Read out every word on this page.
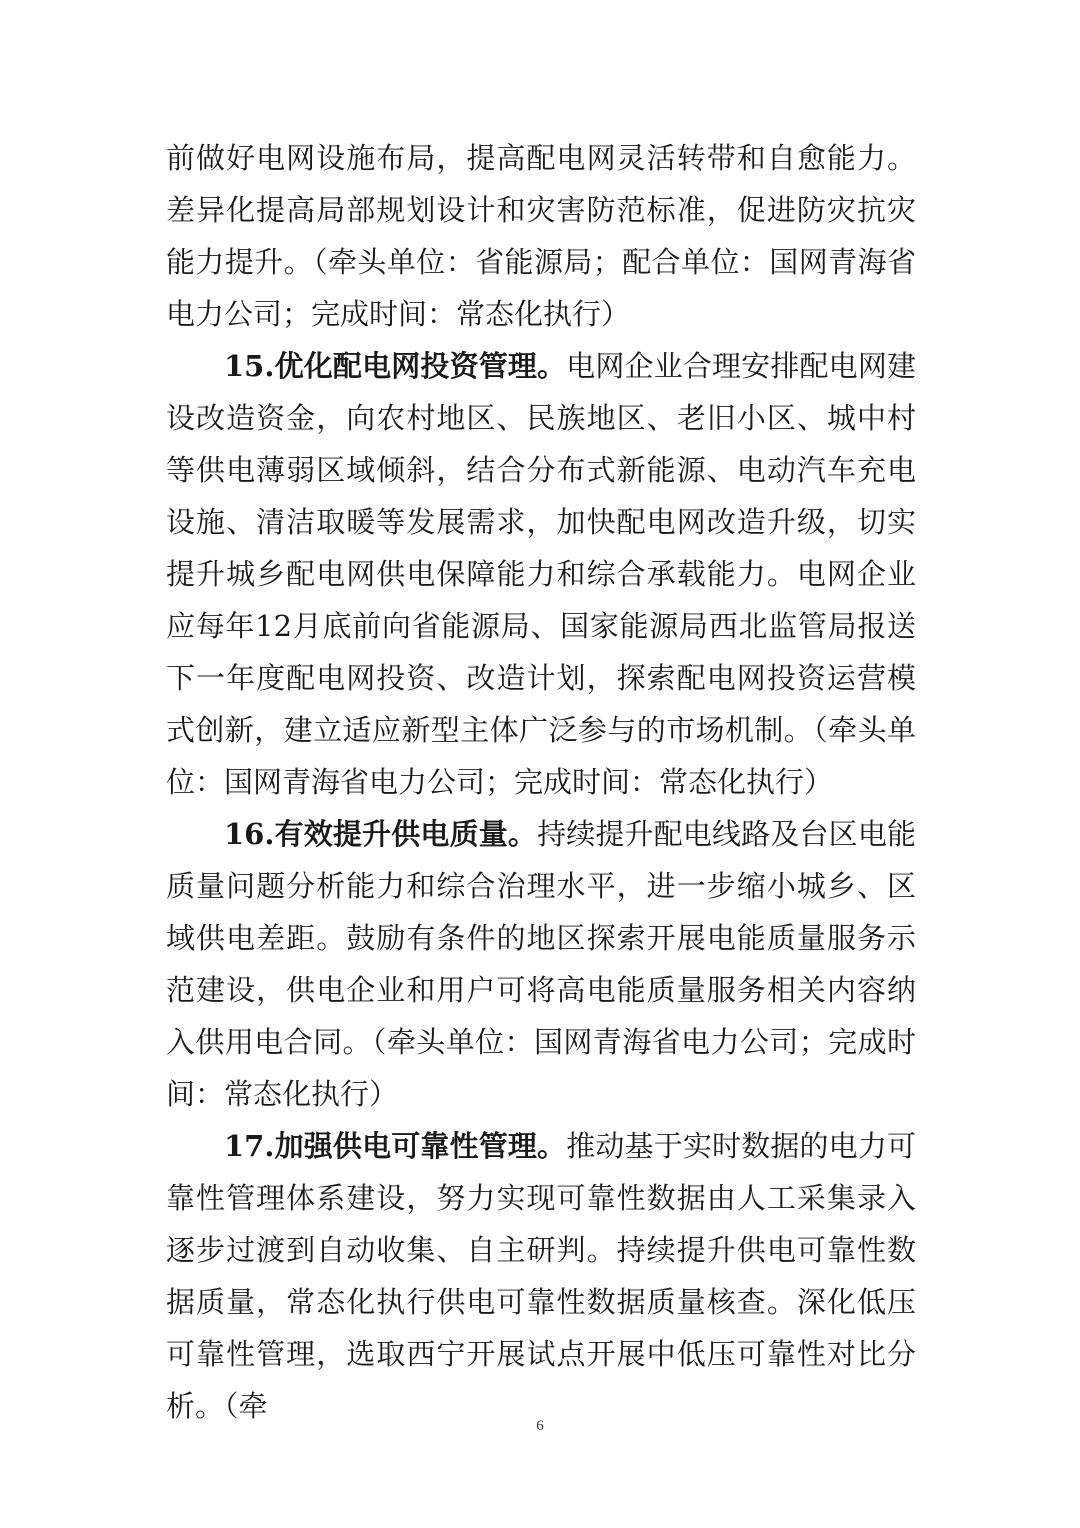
前做好电网设施布局，提高配电网灵活转带和自愈能力。差异化提高局部规划设计和灾害防范标准，促进防灾抗灾能力提升。（牵头单位：省能源局；配合单位：国网青海省电力公司；完成时间：常态化执行）

15.优化配电网投资管理。电网企业合理安排配电网建设改造资金，向农村地区、民族地区、老旧小区、城中村等供电薄弱区域倾斜，结合分布式新能源、电动汽车充电设施、清洁取暖等发展需求，加快配电网改造升级，切实提升城乡配电网供电保障能力和综合承载能力。电网企业应每年12月底前向省能源局、国家能源局西北监管局报送下一年度配电网投资、改造计划，探索配电网投资运营模式创新，建立适应新型主体广泛参与的市场机制。（牵头单位：国网青海省电力公司；完成时间：常态化执行）

16.有效提升供电质量。持续提升配电线路及台区电能质量问题分析能力和综合治理水平，进一步缩小城乡、区域供电差距。鼓励有条件的地区探索开展电能质量服务示范建设，供电企业和用户可将高电能质量服务相关内容纳入供用电合同。（牵头单位：国网青海省电力公司；完成时间：常态化执行）

17.加强供电可靠性管理。推动基于实时数据的电力可靠性管理体系建设，努力实现可靠性数据由人工采集录入逐步过渡到自动收集、自主研判。持续提升供电可靠性数据质量，常态化执行供电可靠性数据质量核查。深化低压可靠性管理，选取西宁开展试点开展中低压可靠性对比分析。（牵

6
